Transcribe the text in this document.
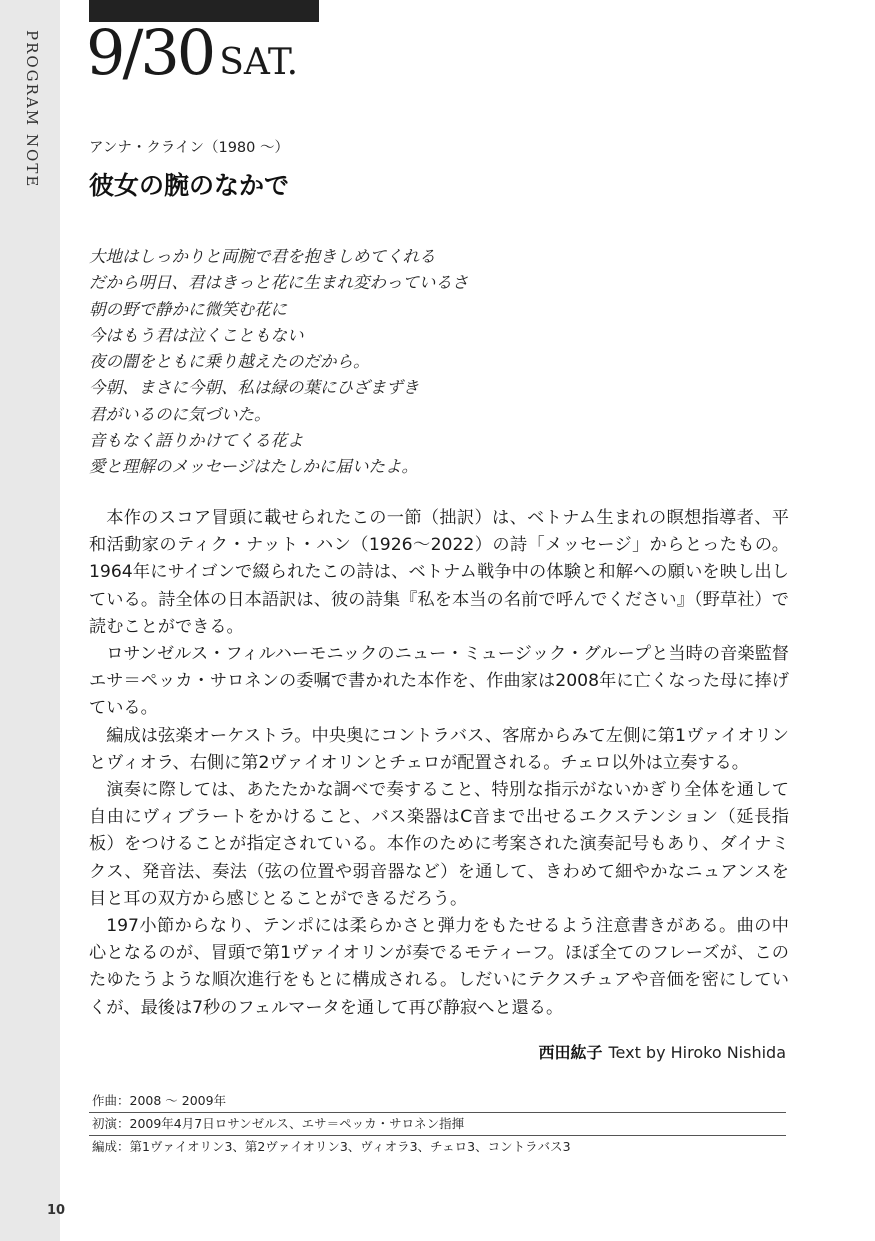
PROGRAM NOTE
10
9/30 SAT.
アンナ・クライン（1980 ～）
彼女の腕のなかで
大地はしっかりと両腕で君を抱きしめてくれる
だから明日、君はきっと花に生まれ変わっているさ
朝の野で静かに微笑む花に
今はもう君は泣くこともない
夜の闇をともに乗り越えたのだから。
今朝、まさに今朝、私は緑の葉にひざまずき
君がいるのに気づいた。
音もなく語りかけてくる花よ
愛と理解のメッセージはたしかに届いたよ。

本作のスコア冒頭に載せられたこの一節（拙訳）は、ベトナム生まれの瞑想指導者、平和活動家のティク・ナット・ハン（1926～2022）の詩「メッセージ」からとったもの。1964年にサイゴンで綴られたこの詩は、ベトナム戦争中の体験と和解への願いを映し出している。詩全体の日本語訳は、彼の詩集『私を本当の名前で呼んでください』（野草社）で読むことができる。

ロサンゼルス・フィルハーモニックのニュー・ミュージック・グループと当時の音楽監督エサ＝ペッカ・サロネンの委嘱で書かれた本作を、作曲家は2008年に亡くなった母に捧げている。

編成は弦楽オーケストラ。中央奥にコントラバス、客席からみて左側に第1ヴァイオリンとヴィオラ、右側に第2ヴァイオリンとチェロが配置される。チェロ以外は立奏する。

演奏に際しては、あたたかな調べで奏すること、特別な指示がないかぎり全体を通して自由にヴィブラートをかけること、バス楽器はC音まで出せるエクステンション（延長指板）をつけることが指定されている。本作のために考案された演奏記号もあり、ダイナミクス、発音法、奏法（弦の位置や弱音器など）を通して、きわめて細やかなニュアンスを目と耳の双方から感じとることができるだろう。

197小節からなり、テンポには柔らかさと弾力をもたせるよう注意書きがある。曲の中心となるのが、冒頭で第1ヴァイオリンが奏でるモティーフ。ほぼ全てのフレーズが、このたゆたうような順次進行をもとに構成される。しだいにテクスチュアや音価を密にしていくが、最後は7秒のフェルマータを通して再び静寂へと還る。

西田紘子 Text by Hiroko Nishida
作曲：2008 ～ 2009年
初演：2009年4月7日ロサンゼルス、エサ＝ペッカ・サロネン指揮
編成：第1ヴァイオリン3、第2ヴァイオリン3、ヴィオラ3、チェロ3、コントラバス3
